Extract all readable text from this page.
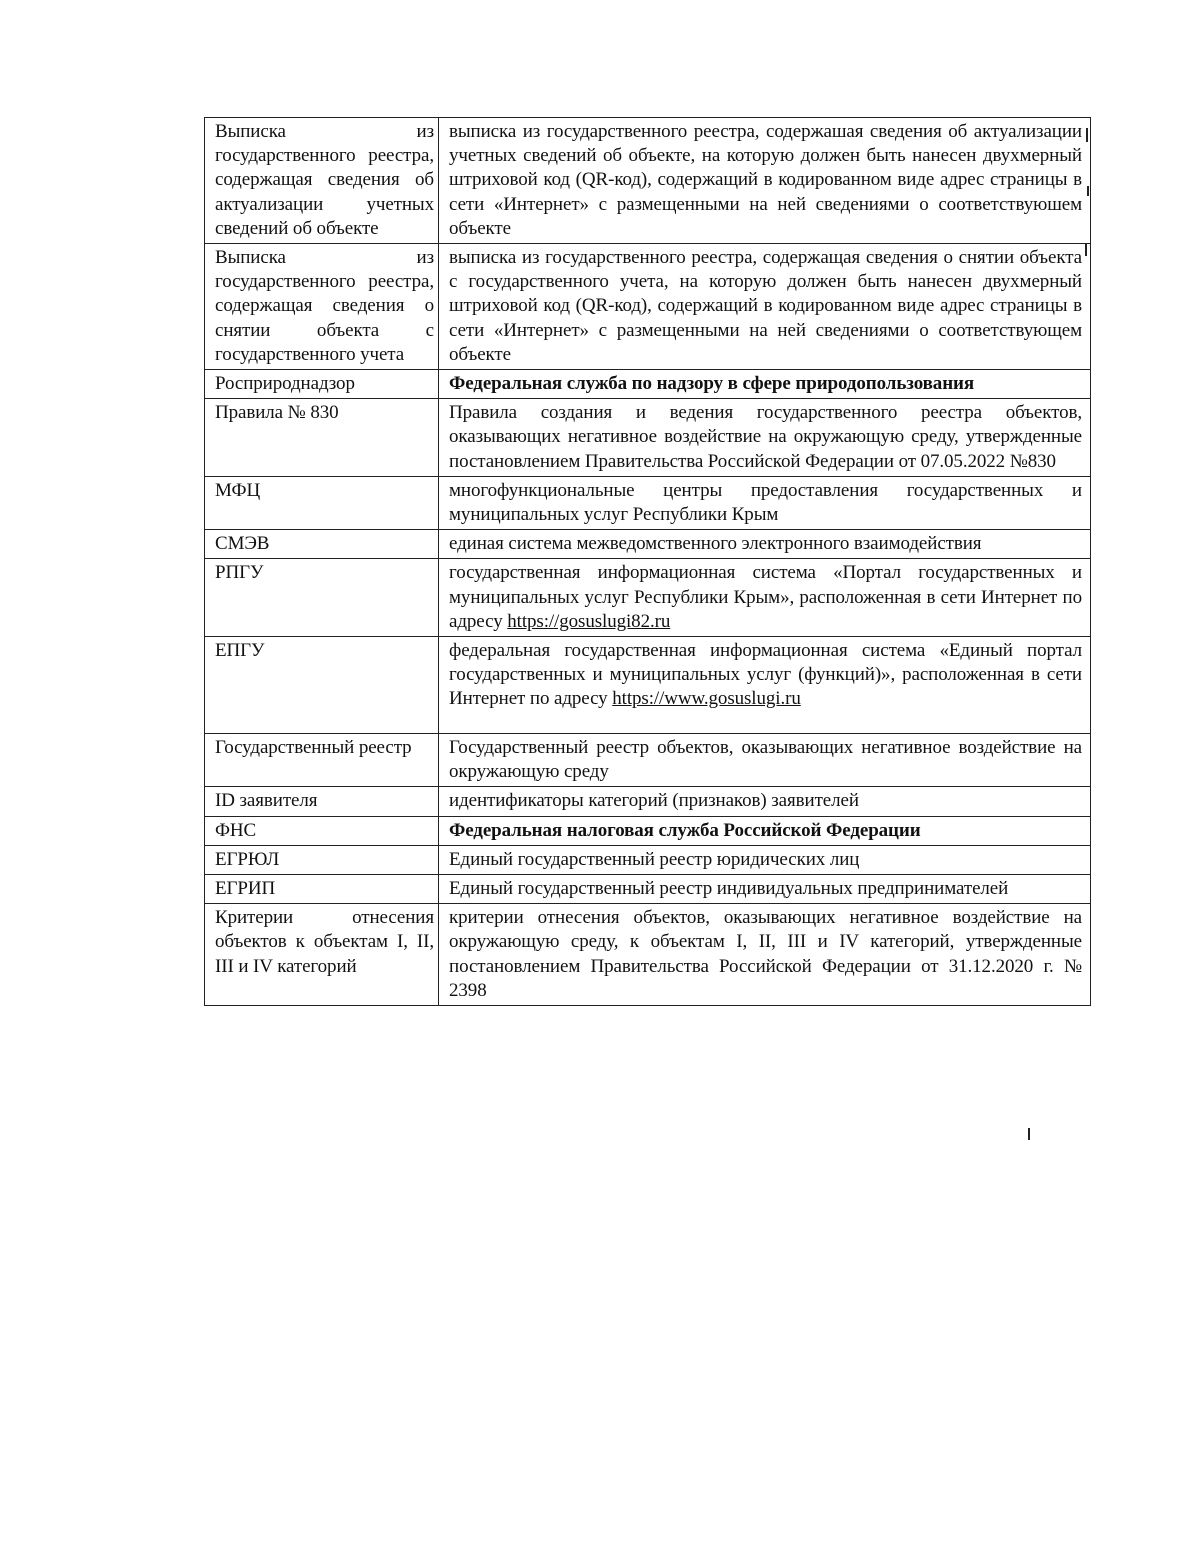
Выписка из государственного реестра, содержащая сведения об актуализации учетных сведений об объекте	выписка из государственного реестра, содержашая сведения об актуализации учетных сведений об объекте, на которую должен быть нанесен двухмерный штриховой код (QR-код), содержащий в кодированном виде адрес страницы в сети «Интернет» с размещенными на ней сведениями о соответствуюшем объекте
Выписка из государственного реестра, содержащая сведения о снятии объекта с государственного учета	выписка из государственного реестра, содержащая сведения о снятии объекта с государственного учета, на которую должен быть нанесен двухмерный штриховой код (QR-код), содержащий в кодированном виде адрес страницы в сети «Интернет» с размещенными на ней сведениями о соответствующем объекте
Росприроднадзор	Федеральная служба по надзору в сфере природопользования
Правила № 830	Правила создания и ведения государственного реестра объектов, оказывающих негативное воздействие на окружающую среду, утвержденные постановлением Правительства Российской Федерации от 07.05.2022 №830
МФЦ	многофункциональные центры предоставления государственных и муниципальных услуг Республики Крым
СМЭВ	единая система межведомственного электронного взаимодействия
РПГУ	государственная информационная система «Портал государственных и муниципальных услуг Республики Крым», расположенная в сети Интернет по адресу https://gosuslugi82.ru
ЕПГУ	федеральная государственная информационная система «Единый портал государственных и муниципальных услуг (функций)», расположенная в сети Интернет по адресу https://www.gosuslugi.ru
Государственный реестр	Государственный реестр объектов, оказывающих негативное воздействие на окружающую среду
ID заявителя	идентификаторы категорий (признаков) заявителей
ФНС	Федеральная налоговая служба Российской Федерации
ЕГРЮЛ	Единый государственный реестр юридических лиц
ЕГРИП	Единый государственный реестр индивидуальных предпринимателей
Критерии отнесения объектов к объектам I, II, III и IV категорий	критерии отнесения объектов, оказывающих негативное воздействие на окружающую среду, к объектам I, II, III и IV категорий, утвержденные постановлением Правительства Российской Федерации от 31.12.2020 г. № 2398
